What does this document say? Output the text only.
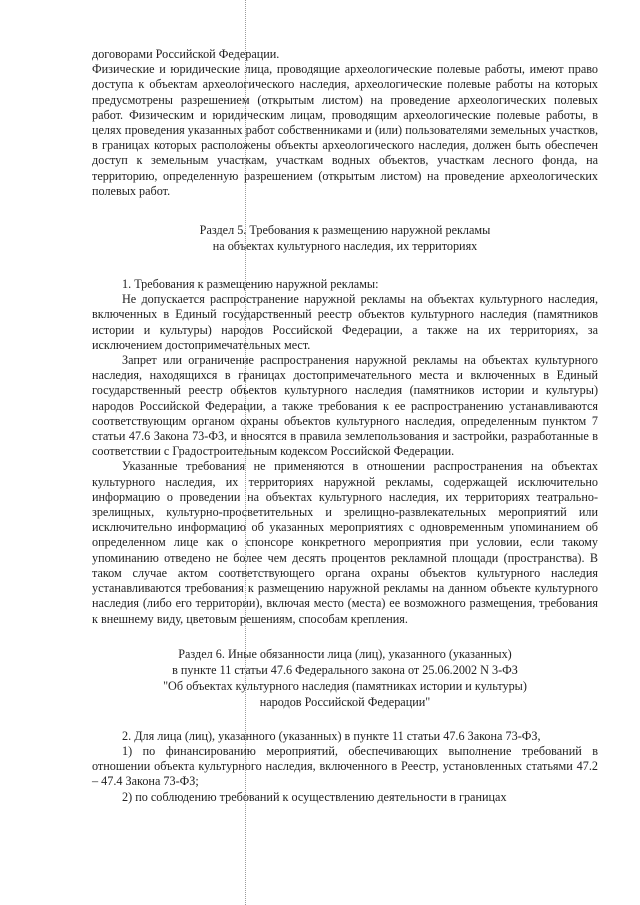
договорами Российской Федерации.

Физические и юридические лица, проводящие археологические полевые работы, имеют право доступа к объектам археологического наследия, археологические полевые работы на которых предусмотрены разрешением (открытым листом) на проведение археологических полевых работ. Физическим и юридическим лицам, проводящим археологические полевые работы, в целях проведения указанных работ собственниками и (или) пользователями земельных участков, в границах которых расположены объекты археологического наследия, должен быть обеспечен доступ к земельным участкам, участкам водных объектов, участкам лесного фонда, на территорию, определенную разрешением (открытым листом) на проведение археологических полевых работ.

Раздел 5. Требования к размещению наружной рекламы

на объектах культурного наследия, их территориях

1. Требования к размещению наружной рекламы:

Не допускается распространение наружной рекламы на объектах культурного наследия, включенных в Единый государственный реестр объектов культурного наследия (памятников истории и культуры) народов Российской Федерации, а также на их территориях, за исключением достопримечательных мест.

Запрет или ограничение распространения наружной рекламы на объектах культурного наследия, находящихся в границах достопримечательного места и включенных в Единый государственный реестр объектов культурного наследия (памятников истории и культуры) народов Российской Федерации, а также требования к ее распространению устанавливаются соответствующим органом охраны объектов культурного наследия, определенным пунктом 7 статьи 47.6 Закона 73-ФЗ, и вносятся в правила землепользования и застройки, разработанные в соответствии с Градостроительным кодексом Российской Федерации.

Указанные требования не применяются в отношении распространения на объектах культурного наследия, их территориях наружной рекламы, содержащей исключительно информацию о проведении на объектах культурного наследия, их территориях театрально-зрелищных, культурно-просветительных и зрелищно-развлекательных мероприятий или исключительно информацию об указанных мероприятиях с одновременным упоминанием об определенном лице как о спонсоре конкретного мероприятия при условии, если такому упоминанию отведено не более чем десять процентов рекламной площади (пространства). В таком случае актом соответствующего органа охраны объектов культурного наследия устанавливаются требования к размещению наружной рекламы на данном объекте культурного наследия (либо его территории), включая место (места) ее возможного размещения, требования к внешнему виду, цветовым решениям, способам крепления.

Раздел 6. Иные обязанности лица (лиц), указанного (указанных)

в пункте 11 статьи 47.6 Федерального закона от 25.06.2002 N 3-ФЗ

"Об объектах культурного наследия (памятниках истории и культуры)

народов Российской Федерации"

2. Для лица (лиц), указанного (указанных) в пункте 11 статьи 47.6 Закона 73-ФЗ,

1) по финансированию мероприятий, обеспечивающих выполнение требований в отношении объекта культурного наследия, включенного в Реестр, установленных статьями 47.2 – 47.4 Закона 73-ФЗ;

2) по соблюдению требований к осуществлению деятельности в границах
